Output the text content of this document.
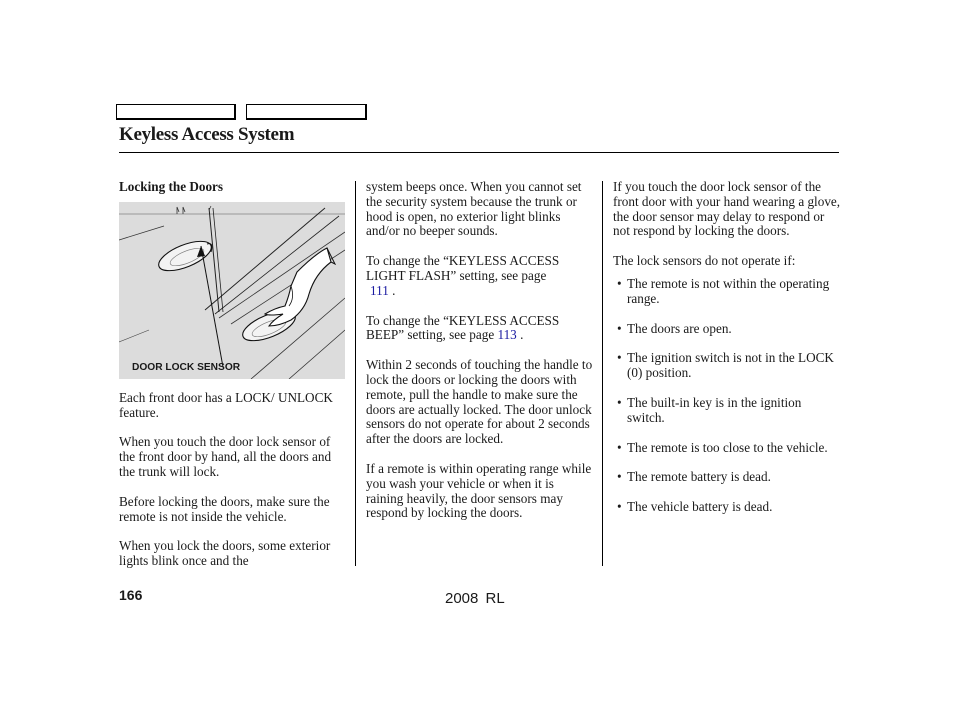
Keyless Access System

Locking the Doors

DOOR LOCK SENSOR

Each front door has a LOCK/ UNLOCK feature.

When you touch the door lock sensor of the front door by hand, all the doors and the trunk will lock.

Before locking the doors, make sure the remote is not inside the vehicle.

When you lock the doors, some exterior lights blink once and the

system beeps once. When you cannot set the security system because the trunk or hood is open, no exterior light blinks and/or no beeper sounds.

To change the “KEYLESS ACCESS LIGHT FLASH” setting, see page
111 .

To change the “KEYLESS ACCESS BEEP” setting, see page 113 .

Within 2 seconds of touching the handle to lock the doors or locking the doors with remote, pull the handle to make sure the doors are actually locked. The door unlock sensors do not operate for about 2 seconds after the doors are locked.

If a remote is within operating range while you wash your vehicle or when it is raining heavily, the door sensors may respond by locking the doors.

If you touch the door lock sensor of the front door with your hand wearing a glove, the door sensor may delay to respond or not respond by locking the doors.

The lock sensors do not operate if:

• The remote is not within the operating range.
• The doors are open.
• The ignition switch is not in the LOCK (0) position.
• The built-in key is in the ignition switch.
• The remote is too close to the vehicle.
• The remote battery is dead.
• The vehicle battery is dead.
166	2008 RL
